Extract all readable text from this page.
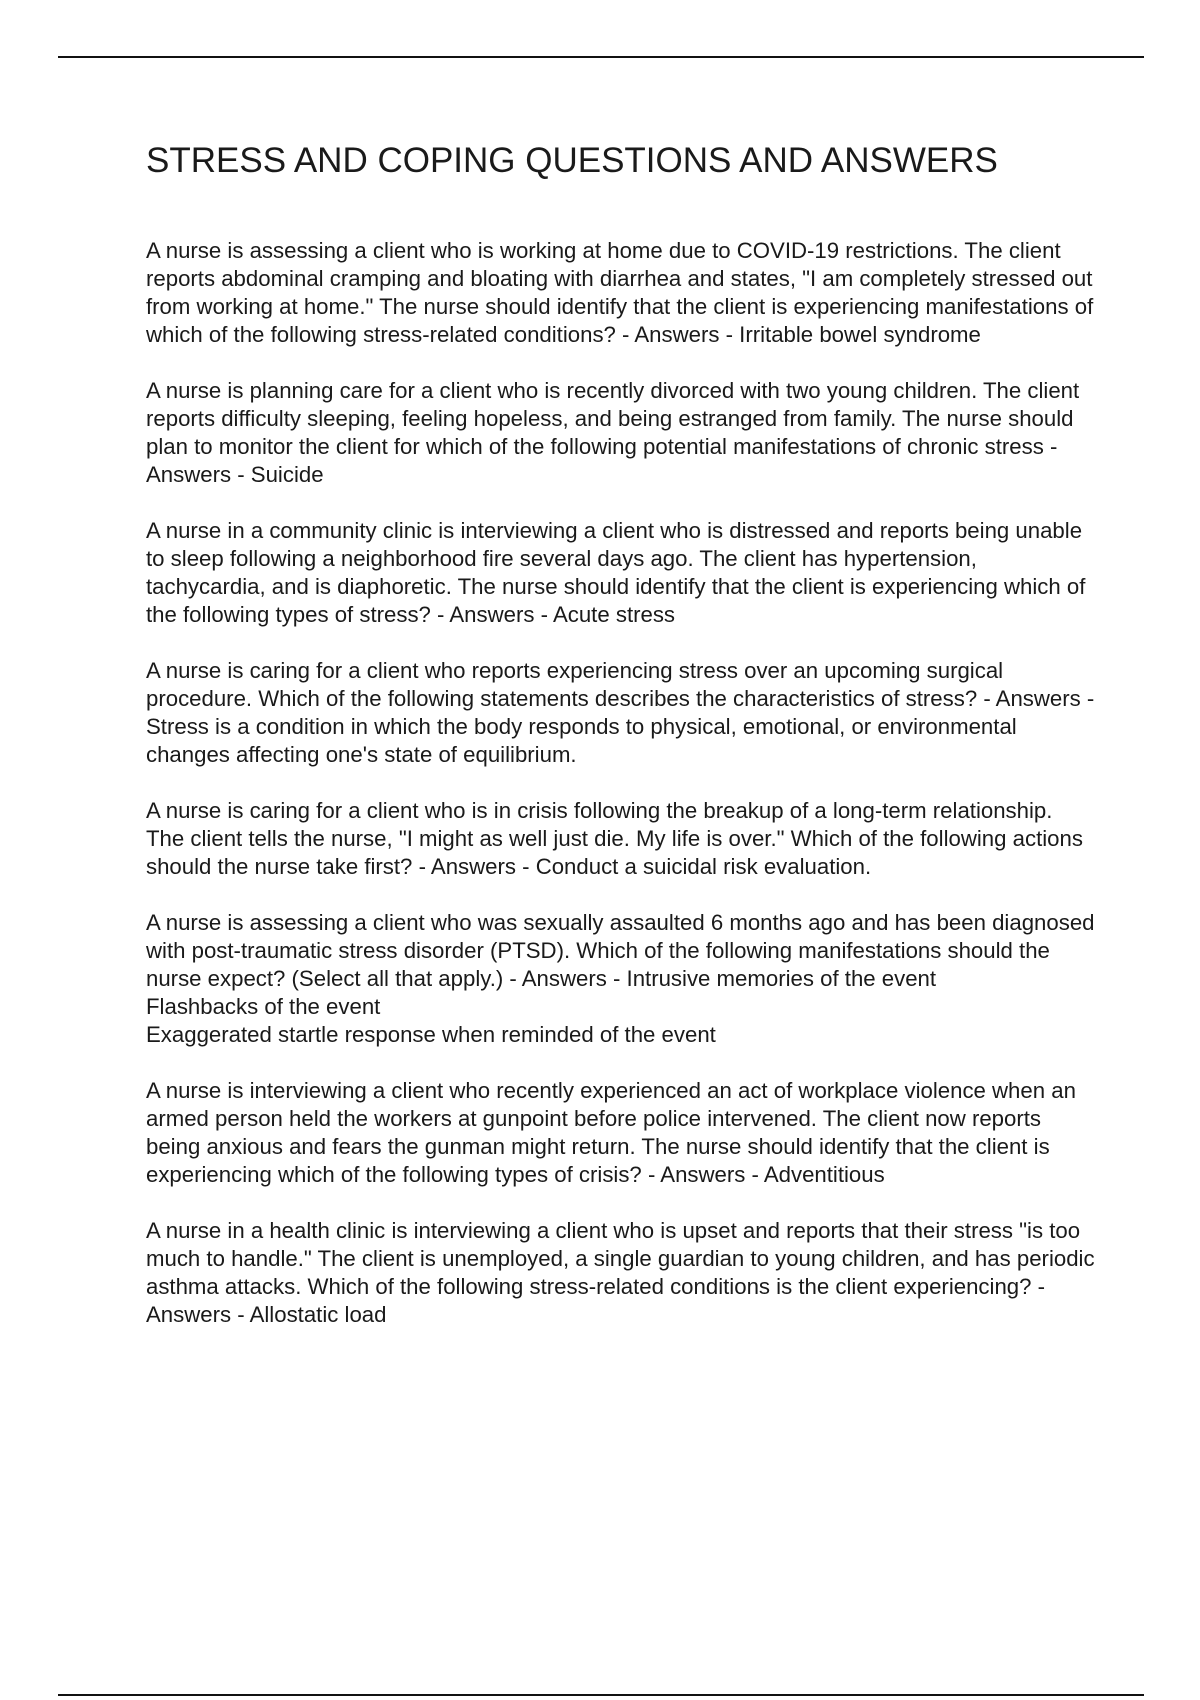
STRESS AND COPING QUESTIONS AND ANSWERS

A nurse is assessing a client who is working at home due to COVID-19 restrictions. The client reports abdominal cramping and bloating with diarrhea and states, "I am completely stressed out from working at home." The nurse should identify that the client is experiencing manifestations of which of the following stress-related conditions? - Answers - Irritable bowel syndrome

A nurse is planning care for a client who is recently divorced with two young children. The client reports difficulty sleeping, feeling hopeless, and being estranged from family. The nurse should plan to monitor the client for which of the following potential manifestations of chronic stress - Answers - Suicide

A nurse in a community clinic is interviewing a client who is distressed and reports being unable to sleep following a neighborhood fire several days ago. The client has hypertension, tachycardia, and is diaphoretic. The nurse should identify that the client is experiencing which of the following types of stress? - Answers - Acute stress

A nurse is caring for a client who reports experiencing stress over an upcoming surgical procedure. Which of the following statements describes the characteristics of stress? - Answers - Stress is a condition in which the body responds to physical, emotional, or environmental changes affecting one's state of equilibrium.

A nurse is caring for a client who is in crisis following the breakup of a long-term relationship. The client tells the nurse, "I might as well just die. My life is over." Which of the following actions should the nurse take first? - Answers - Conduct a suicidal risk evaluation.

A nurse is assessing a client who was sexually assaulted 6 months ago and has been diagnosed with post-traumatic stress disorder (PTSD). Which of the following manifestations should the nurse expect? (Select all that apply.) - Answers - Intrusive memories of the event
Flashbacks of the event
Exaggerated startle response when reminded of the event

A nurse is interviewing a client who recently experienced an act of workplace violence when an armed person held the workers at gunpoint before police intervened. The client now reports being anxious and fears the gunman might return. The nurse should identify that the client is experiencing which of the following types of crisis? - Answers - Adventitious

A nurse in a health clinic is interviewing a client who is upset and reports that their stress "is too much to handle." The client is unemployed, a single guardian to young children, and has periodic asthma attacks. Which of the following stress-related conditions is the client experiencing? - Answers - Allostatic load
